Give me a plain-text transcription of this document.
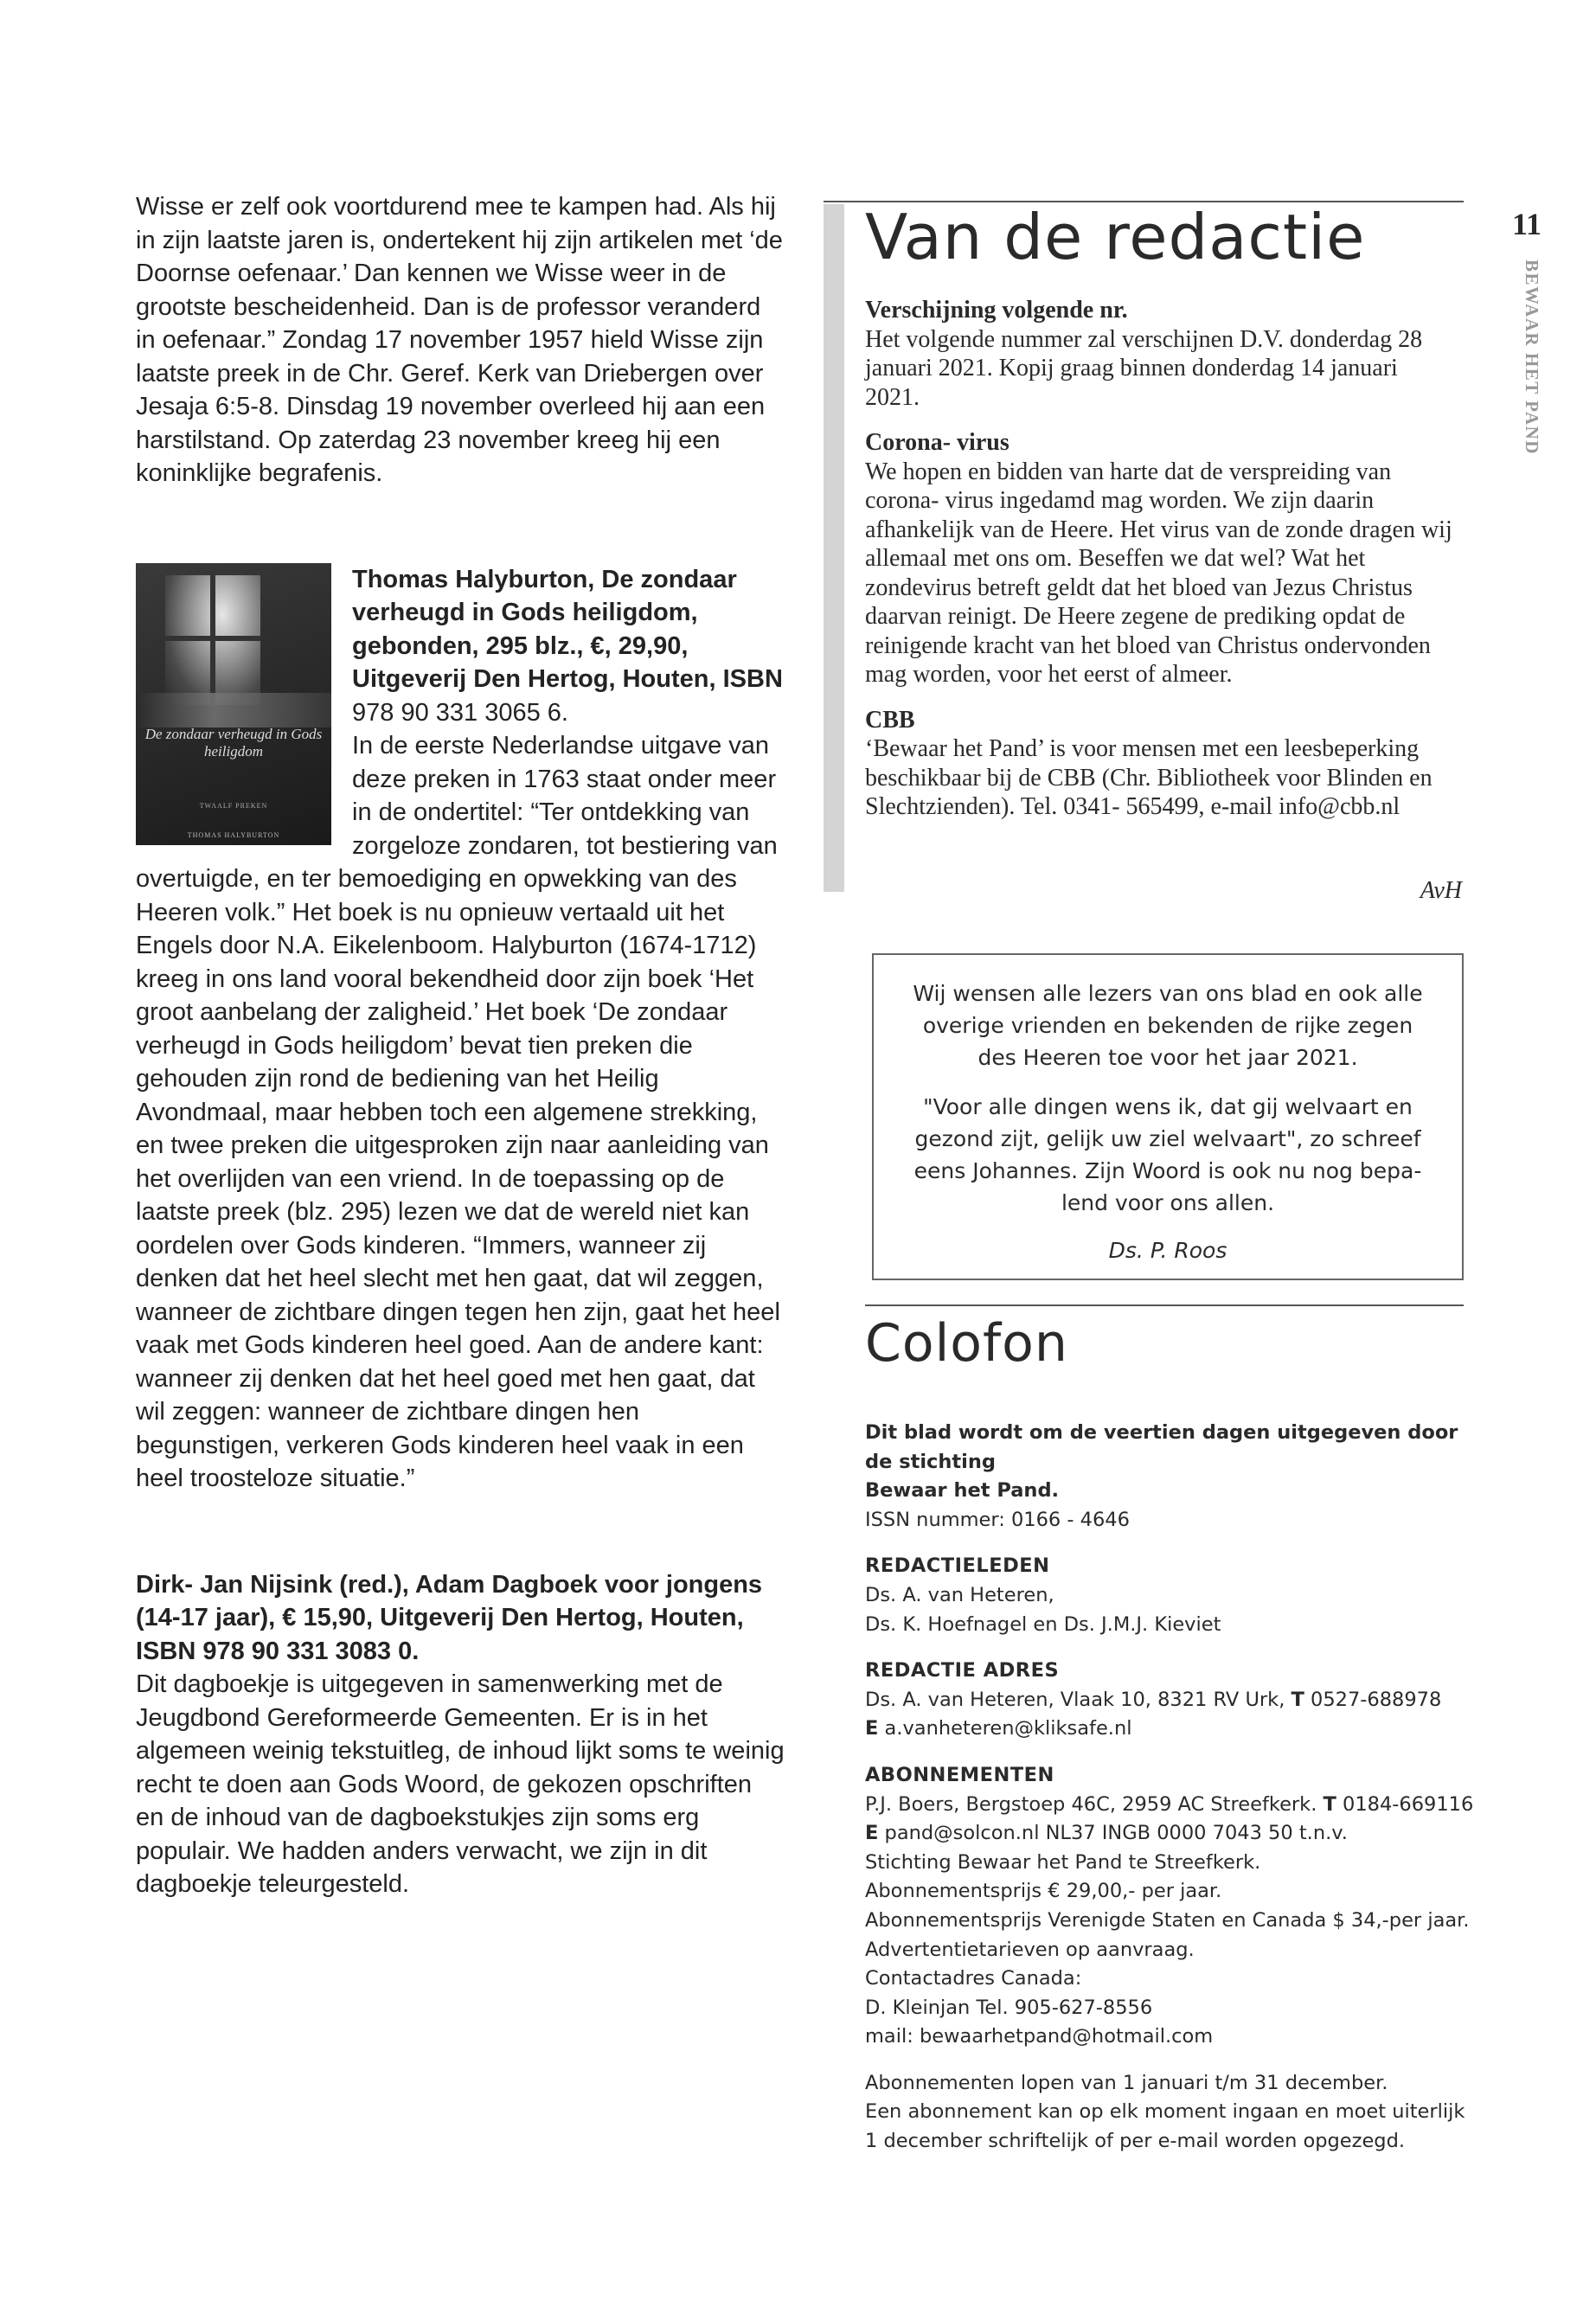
Wisse er zelf ook voortdurend mee te kampen had. Als hij in zijn laatste jaren is, ondertekent hij zijn artikelen met ‘de Doornse oefenaar.’ Dan kennen we Wisse weer in de grootste bescheidenheid. Dan is de professor veranderd in oefenaar.” Zondag 17 november 1957 hield Wisse zijn laatste preek in de Chr. Geref. Kerk van Driebergen over Jesaja 6:5-8. Dinsdag 19 november overleed hij aan een harstilstand. Op zaterdag 23 november kreeg hij een koninklijke begrafenis.

De zondaar verheugd in Gods heiligdom
TWAALF PREKEN
THOMAS HALYBURTON

Thomas Halyburton, De zondaar verheugd in Gods heiligdom, gebonden, 295 blz., €, 29,90, Uitgeverij Den Hertog, Houten, ISBN 978 90 331 3065 6.
In de eerste Nederlandse uitgave van deze preken in 1763 staat onder meer in de ondertitel: “Ter ontdekking van zorgeloze zondaren, tot bestiering van overtuigde, en ter bemoediging en opwekking van des Heeren volk.” Het boek is nu opnieuw vertaald uit het Engels door N.A. Eikelenboom. Halyburton (1674-1712) kreeg in ons land vooral bekendheid door zijn boek ‘Het groot aanbelang der zaligheid.’ Het boek ‘De zondaar verheugd in Gods heiligdom’ bevat tien preken die gehouden zijn rond de bediening van het Heilig Avondmaal, maar hebben toch een algemene strekking, en twee preken die uitgesproken zijn naar aanleiding van het overlijden van een vriend. In de toepassing op de laatste preek (blz. 295) lezen we dat de wereld niet kan oordelen over Gods kinderen. “Immers, wanneer zij denken dat het heel slecht met hen gaat, dat wil zeggen, wanneer de zichtbare dingen tegen hen zijn, gaat het heel vaak met Gods kinderen heel goed. Aan de andere kant: wanneer zij denken dat het heel goed met hen gaat, dat wil zeggen: wanneer de zichtbare dingen hen begunstigen, verkeren Gods kinderen heel vaak in een heel troosteloze situatie.”

Dirk- Jan Nijsink (red.), Adam Dagboek voor jongens (14-17 jaar), € 15,90, Uitgeverij Den Hertog, Houten, ISBN 978 90 331 3083 0.

Dit dagboekje is uitgegeven in samenwerking met de Jeugdbond Gereformeerde Gemeenten. Er is in het algemeen weinig tekstuitleg, de inhoud lijkt soms te weinig recht te doen aan Gods Woord, de gekozen opschriften en de inhoud van de dagboekstukjes zijn soms erg populair. We hadden anders verwacht, we zijn in dit dagboekje teleurgesteld.

Van de redactie
Verschijning volgende nr.

Het volgende nummer zal verschijnen D.V. donderdag 28 januari 2021. Kopij graag binnen donderdag 14 januari 2021.

Corona- virus

We hopen en bidden van harte dat de verspreiding van corona- virus ingedamd mag worden. We zijn daarin afhankelijk van de Heere. Het virus van de zonde dragen wij allemaal met ons om. Beseffen we dat wel? Wat het zondevirus betreft geldt dat het bloed van Jezus Christus daarvan reinigt. De Heere zegene de prediking opdat de reinigende kracht van het bloed van Christus ondervonden mag worden, voor het eerst of almeer.

CBB

‘Bewaar het Pand’ is voor mensen met een leesbeperking beschikbaar bij de CBB (Chr. Bibliotheek voor Blinden en Slechtzienden). Tel. 0341- 565499, e-mail info@cbb.nl

AvH

Wij wensen alle lezers van ons blad en ook alle

overige vrienden en bekenden de rijke zegen

des Heeren toe voor het jaar 2021.

"Voor alle dingen wens ik, dat gij welvaart en

gezond zijt, gelijk uw ziel welvaart", zo schreef

eens Johannes. Zijn Woord is ook nu nog bepa-

lend voor ons allen.

Ds. P. Roos

Colofon

Dit blad wordt om de veertien dagen uitgegeven door de stichting

Bewaar het Pand.

ISSN nummer: 0166 - 4646

REDACTIELEDEN

Ds. A. van Heteren,

Ds. K. Hoefnagel en Ds. J.M.J. Kieviet

REDACTIE ADRES

Ds. A. van Heteren, Vlaak 10, 8321 RV Urk, T 0527-688978

E a.vanheteren@kliksafe.nl

ABONNEMENTEN

P.J. Boers, Bergstoep 46C, 2959 AC Streefkerk. T 0184-669116

E pand@solcon.nl NL37 INGB 0000 7043 50 t.n.v.

Stichting Bewaar het Pand te Streefkerk.

Abonnementsprijs € 29,00,- per jaar.

Abonnementsprijs Verenigde Staten en Canada $ 34,-per jaar.

Advertentietarieven op aanvraag.

Contactadres Canada:

D. Kleinjan Tel. 905-627-8556

mail: bewaarhetpand@hotmail.com

Abonnementen lopen van 1 januari t/m 31 december.

Een abonnement kan op elk moment ingaan en moet uiterlijk

1 december schriftelijk of per e-mail worden opgezegd.

11
BEWAAR HET PAND
